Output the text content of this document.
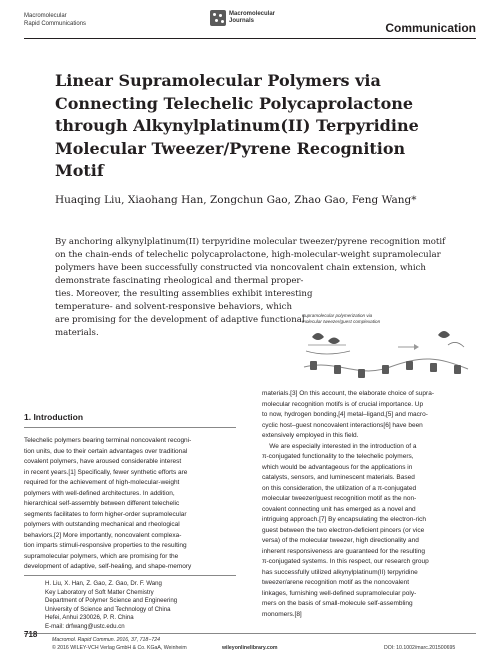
Macromolecular
Rapid Communications
Macromolecular
Journals	Communication
Linear Supramolecular Polymers via
Connecting Telechelic Polycaprolactone
through Alkynylplatinum(II) Terpyridine
Molecular Tweezer/Pyrene Recognition Motif
Huaqing Liu, Xiaohang Han, Zongchun Gao, Zhao Gao, Feng Wang*
By anchoring alkynylplatinum(II) terpyridine molecular tweezer/pyrene recognition motif
on the chain-ends of telechelic polycaprolactone, high-molecular-weight supramolecular
polymers have been successfully constructed via noncovalent chain extension, which
demonstrate fascinating rheological and thermal proper-
ties. Moreover, the resulting assemblies exhibit interesting
temperature- and solvent-responsive behaviors, which
are promising for the development of adaptive functional
materials.
Supramolecular polymerization via
molecular tweezer/guest complexation
1. Introduction
Telechelic polymers bearing terminal noncovalent recogni-
tion units, due to their certain advantages over traditional
covalent polymers, have aroused considerable interest
in recent years.[1] Specifically, fewer synthetic efforts are
required for the achievement of high-molecular-weight
polymers with well-defined architectures. In addition,
hierarchical self-assembly between different telechelic
segments facilitates to form higher-order supramolecular
polymers with outstanding mechanical and rheological
behaviors.[2] More importantly, noncovalent complexa-
tion imparts stimuli-responsive properties to the resulting
supramolecular polymers, which are promising for the
development of adaptive, self-healing, and shape-memory
H. Liu, X. Han, Z. Gao, Z. Gao, Dr. F. Wang
Key Laboratory of Soft Matter Chemistry
Department of Polymer Science and Engineering
University of Science and Technology of China
Hefei, Anhui 230026, P. R. China
E-mail: drfwang@ustc.edu.cn
materials.[3] On this account, the elaborate choice of supra-
molecular recognition motifs is of crucial importance. Up
to now, hydrogen bonding,[4] metal–ligand,[5] and macro-
cyclic host–guest noncovalent interactions[6] have been
extensively employed in this field.
We are especially interested in the introduction of a
π-conjugated functionality to the telechelic polymers,
which would be advantageous for the applications in
catalysts, sensors, and luminescent materials. Based
on this consideration, the utilization of a π-conjugated
molecular tweezer/guest recognition motif as the non-
covalent connecting unit has emerged as a novel and
intriguing approach.[7] By encapsulating the electron-rich
guest between the two electron-deficient pincers (or vice
versa) of the molecular tweezer, high directionality and
inherent responsiveness are guaranteed for the resulting
π-conjugated systems. In this respect, our research group
has successfully utilized alkynylplatinum(II) terpyridine
tweezer/arene recognition motif as the noncovalent
linkages, furnishing well-defined supramolecular poly-
mers on the basis of small-molecule self-assembling
monomers.[8]
718
Macromol. Rapid Commun. 2016, 37, 718−724
© 2016 WILEY-VCH Verlag GmbH & Co. KGaA, Weinheim	wileyonlinelibrary.com	DOI: 10.1002/marc.201500695
